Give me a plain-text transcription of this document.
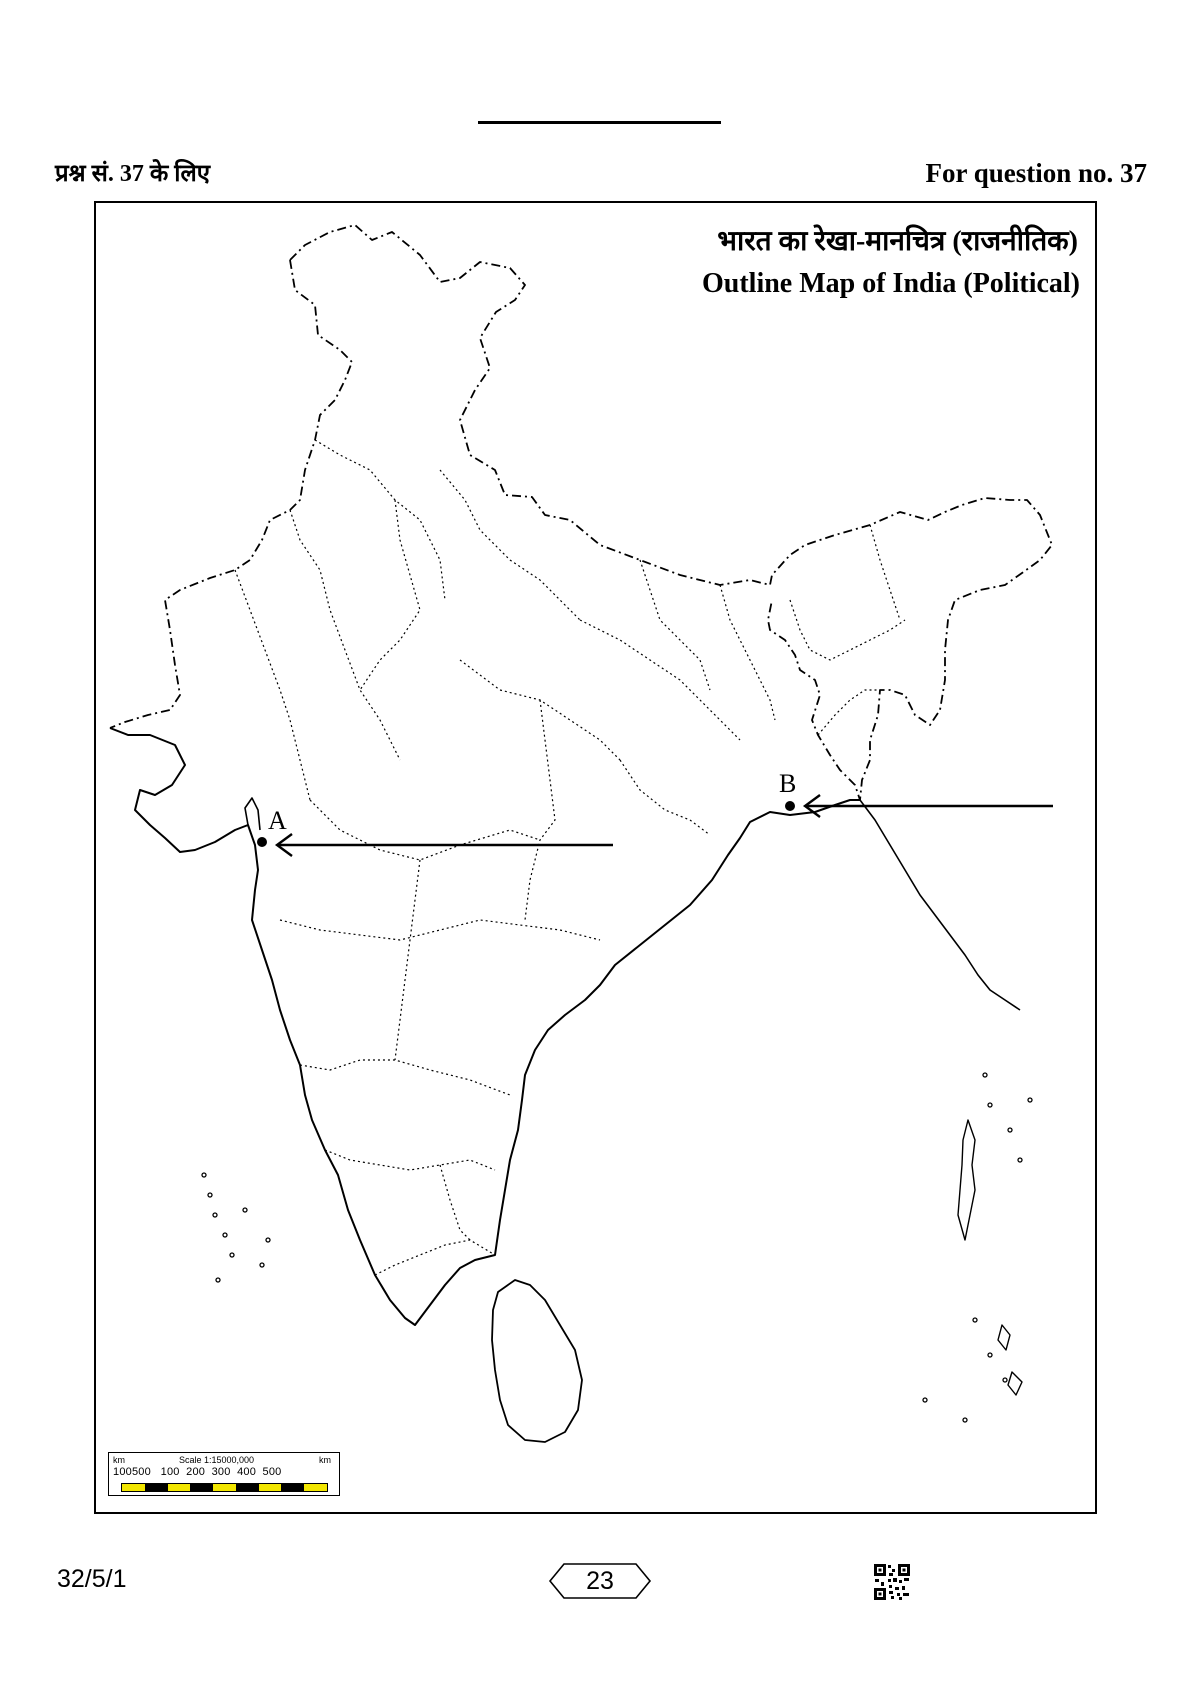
प्रश्न सं. 37 के लिए	For question no. 37
भारत का रेखा-मानचित्र (राजनीतिक)
Outline Map of India (Political)
A
B
km	Scale 1:15000,000	km
100500   100  200  300  400  500
32/5/1	23
